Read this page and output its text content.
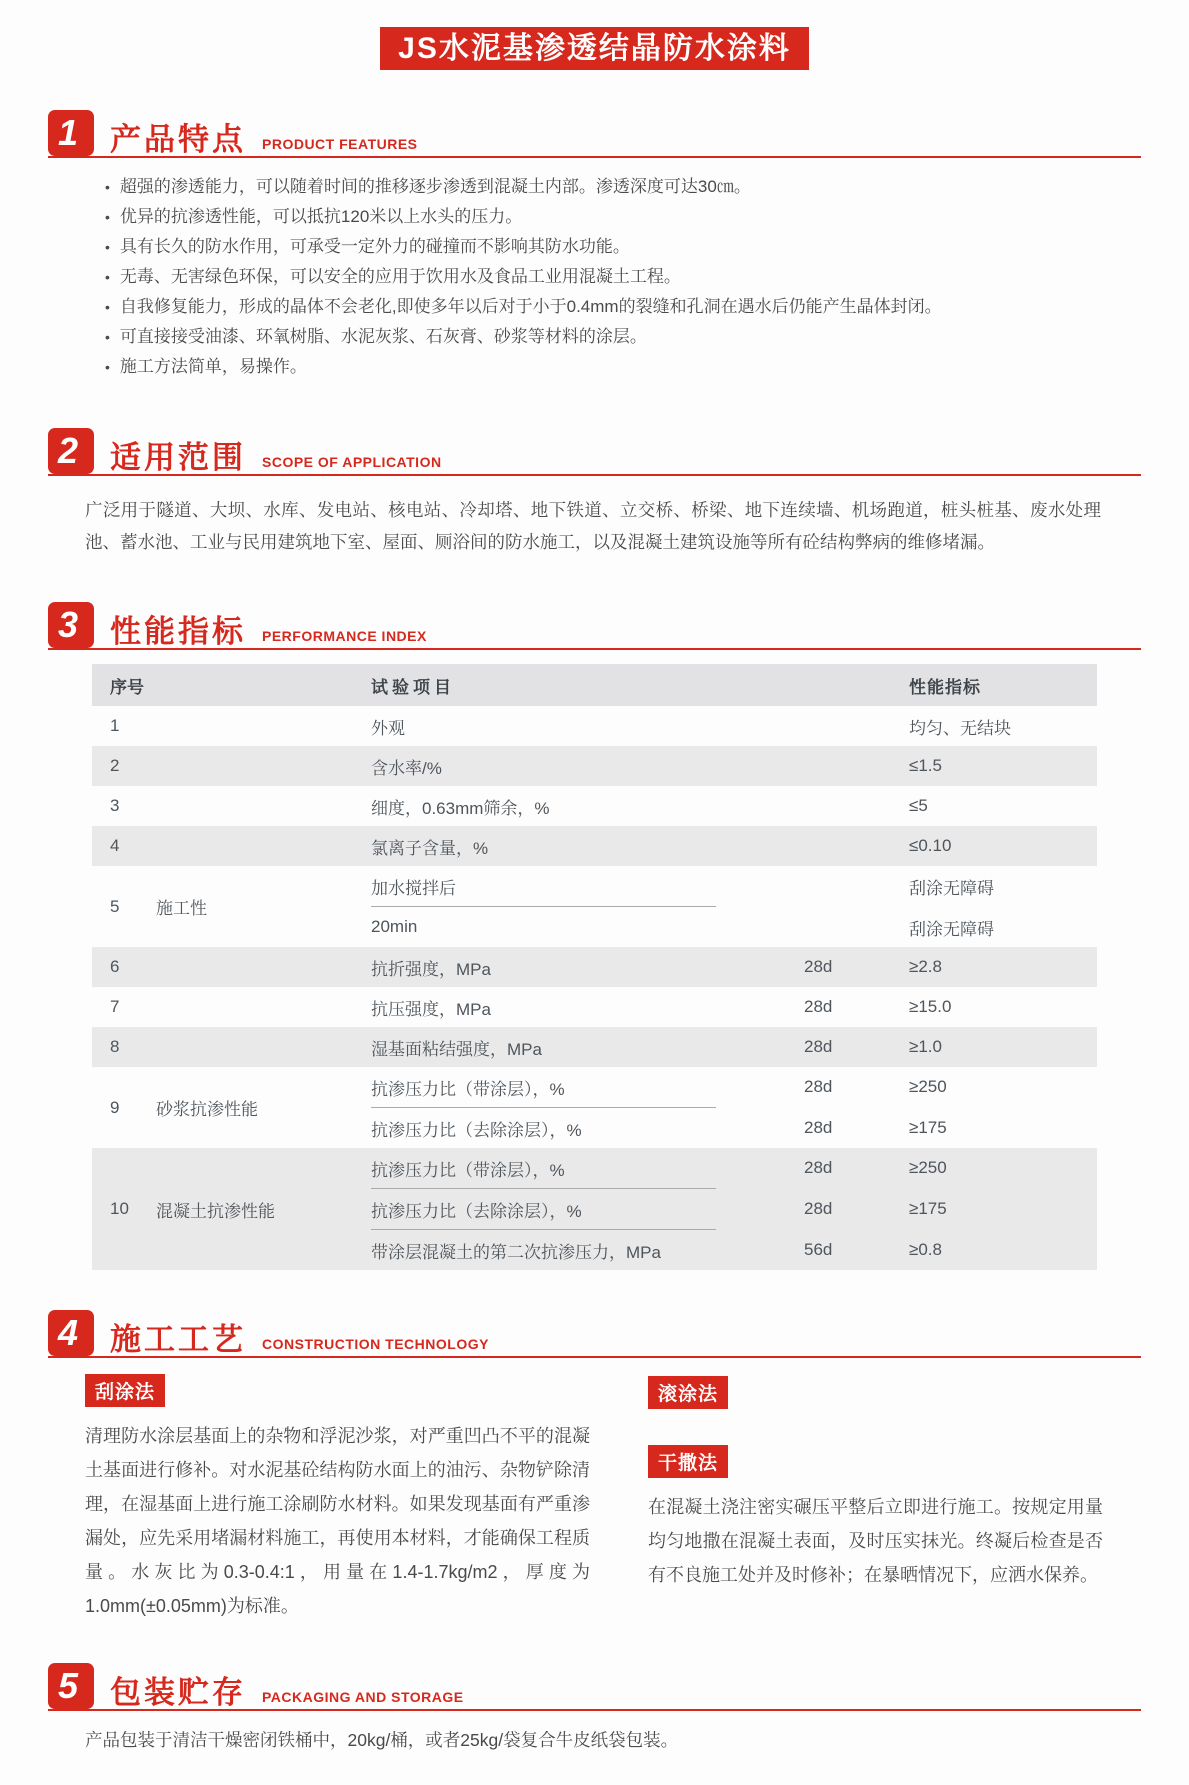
JS水泥基渗透结晶防水涂料
1	产品特点 PRODUCT FEATURES
• 超强的渗透能力，可以随着时间的推移逐步渗透到混凝土内部。渗透深度可达30㎝。
• 优异的抗渗透性能，可以抵抗120米以上水头的压力。
• 具有长久的防水作用，可承受一定外力的碰撞而不影响其防水功能。
• 无毒、无害绿色环保，可以安全的应用于饮用水及食品工业用混凝土工程。
• 自我修复能力，形成的晶体不会老化,即使多年以后对于小于0.4mm的裂缝和孔洞在遇水后仍能产生晶体封闭。
• 可直接接受油漆、环氧树脂、水泥灰浆、石灰膏、砂浆等材料的涂层。
• 施工方法简单，易操作。
2	适用范围 SCOPE OF APPLICATION

广泛用于隧道、大坝、水库、发电站、核电站、冷却塔、地下铁道、立交桥、桥梁、地下连续墙、机场跑道，桩头桩基、废水处理池、蓄水池、工业与民用建筑地下室、屋面、厕浴间的防水施工，以及混凝土建筑设施等所有砼结构弊病的维修堵漏。

3	性能指标 PERFORMANCE INDEX
序号	试验项目	性能指标
1	外观	均匀、无结块
2	含水率/%	≤1.5
3	细度，0.63mm筛余，%	≤5
4	氯离子含量，%	≤0.10
5	施工性
加水搅拌后	刮涂无障碍
20min	刮涂无障碍
6	抗折强度，MPa	28d	≥2.8
7	抗压强度，MPa	28d	≥15.0
8	湿基面粘结强度，MPa	28d	≥1.0
9	砂浆抗渗性能
抗渗压力比（带涂层），%	28d	≥250
抗渗压力比（去除涂层），%	28d	≥175
10	混凝土抗渗性能
抗渗压力比（带涂层），%	28d	≥250
抗渗压力比（去除涂层），%	28d	≥175
带涂层混凝土的第二次抗渗压力，MPa	56d	≥0.8
4	施工工艺 CONSTRUCTION TECHNOLOGY
刮涂法

清理防水涂层基面上的杂物和浮泥沙浆，对严重凹凸不平的混凝土基面进行修补。对水泥基砼结构防水面上的油污、杂物铲除清理，在湿基面上进行施工涂刷防水材料。如果发现基面有严重渗漏处，应先采用堵漏材料施工，再使用本材料，才能确保工程质量。水灰比为0.3-0.4:1，用量在1.4-1.7kg/m2，厚度为1.0mm(±0.05mm)为标准。

滚涂法
干撒法

在混凝土浇注密实碾压平整后立即进行施工。按规定用量均匀地撒在混凝土表面，及时压实抹光。终凝后检查是否有不良施工处并及时修补；在暴晒情况下，应洒水保养。

5	包装贮存 PACKAGING AND STORAGE

产品包装于清洁干燥密闭铁桶中，20kg/桶，或者25kg/袋复合牛皮纸袋包装。
